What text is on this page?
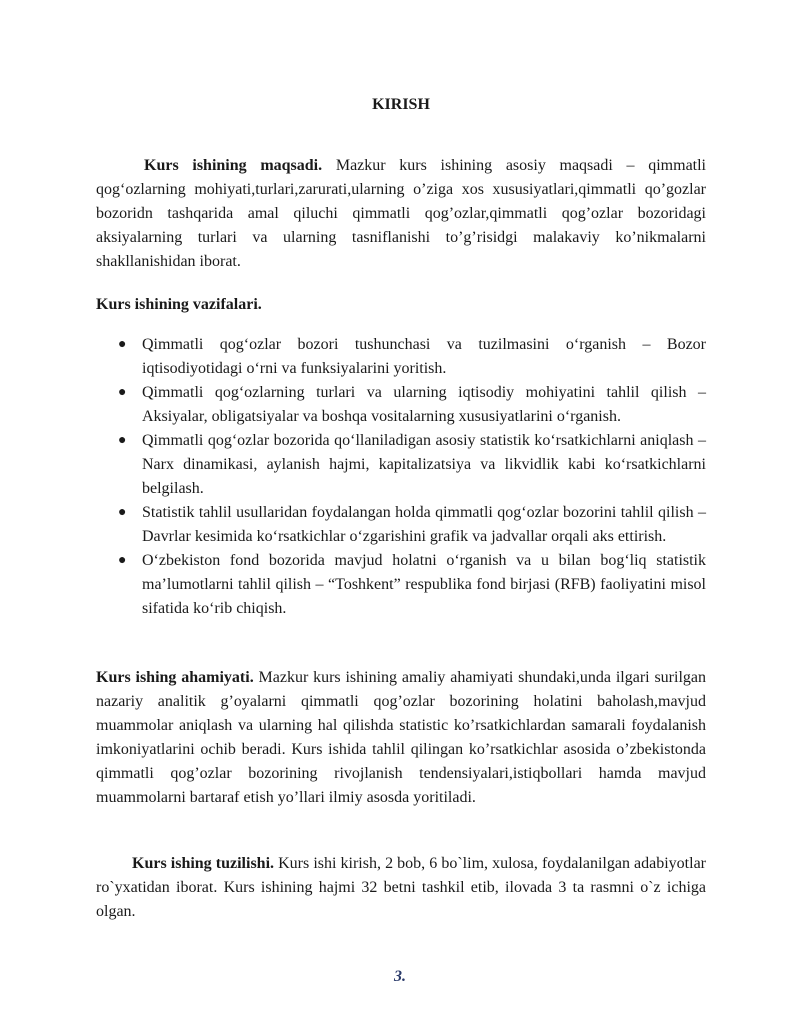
KIRISH

Kurs ishining maqsadi. Mazkur kurs ishining asosiy maqsadi – qimmatli qog‘ozlarning mohiyati,turlari,zarurati,ularning o’ziga xos xususiyatlari,qimmatli qo’gozlar bozoridn tashqarida amal qiluchi qimmatli qog’ozlar,qimmatli qog’ozlar bozoridagi aksiyalarning turlari va ularning tasniflanishi to’g’risidgi malakaviy ko’nikmalarni shakllanishidan iborat.

Kurs ishining vazifalari.
● Qimmatli qog‘ozlar bozori tushunchasi va tuzilmasini o‘rganish – Bozor iqtisodiyotidagi o‘rni va funksiyalarini yoritish.
● Qimmatli qog‘ozlarning turlari va ularning iqtisodiy mohiyatini tahlil qilish – Aksiyalar, obligatsiyalar va boshqa vositalarning xususiyatlarini o‘rganish.
● Qimmatli qog‘ozlar bozorida qo‘llaniladigan asosiy statistik ko‘rsatkichlarni aniqlash – Narx dinamikasi, aylanish hajmi, kapitalizatsiya va likvidlik kabi ko‘rsatkichlarni belgilash.
● Statistik tahlil usullaridan foydalangan holda qimmatli qog‘ozlar bozorini tahlil qilish – Davrlar kesimida ko‘rsatkichlar o‘zgarishini grafik va jadvallar orqali aks ettirish.
● O‘zbekiston fond bozorida mavjud holatni o‘rganish va u bilan bog‘liq statistik ma’lumotlarni tahlil qilish – “Toshkent” respublika fond birjasi (RFB) faoliyatini misol sifatida ko‘rib chiqish.

Kurs ishing ahamiyati. Mazkur kurs ishining amaliy ahamiyati shundaki,unda ilgari surilgan nazariy analitik g’oyalarni qimmatli qog’ozlar bozorining holatini baholash,mavjud muammolar aniqlash va ularning hal qilishda statistic ko’rsatkichlardan samarali foydalanish imkoniyatlarini ochib beradi. Kurs ishida tahlil qilingan ko’rsatkichlar asosida o’zbekistonda qimmatli qog’ozlar bozorining rivojlanish tendensiyalari,istiqbollari hamda mavjud muammolarni bartaraf etish yo’llari ilmiy asosda yoritiladi.

Kurs ishing tuzilishi. Kurs ishi kirish, 2 bob, 6 bo`lim, xulosa, foydalanilgan adabiyotlar ro`yxatidan iborat. Kurs ishining hajmi 32 betni tashkil etib, ilovada 3 ta rasmni o`z ichiga olgan.

3.
